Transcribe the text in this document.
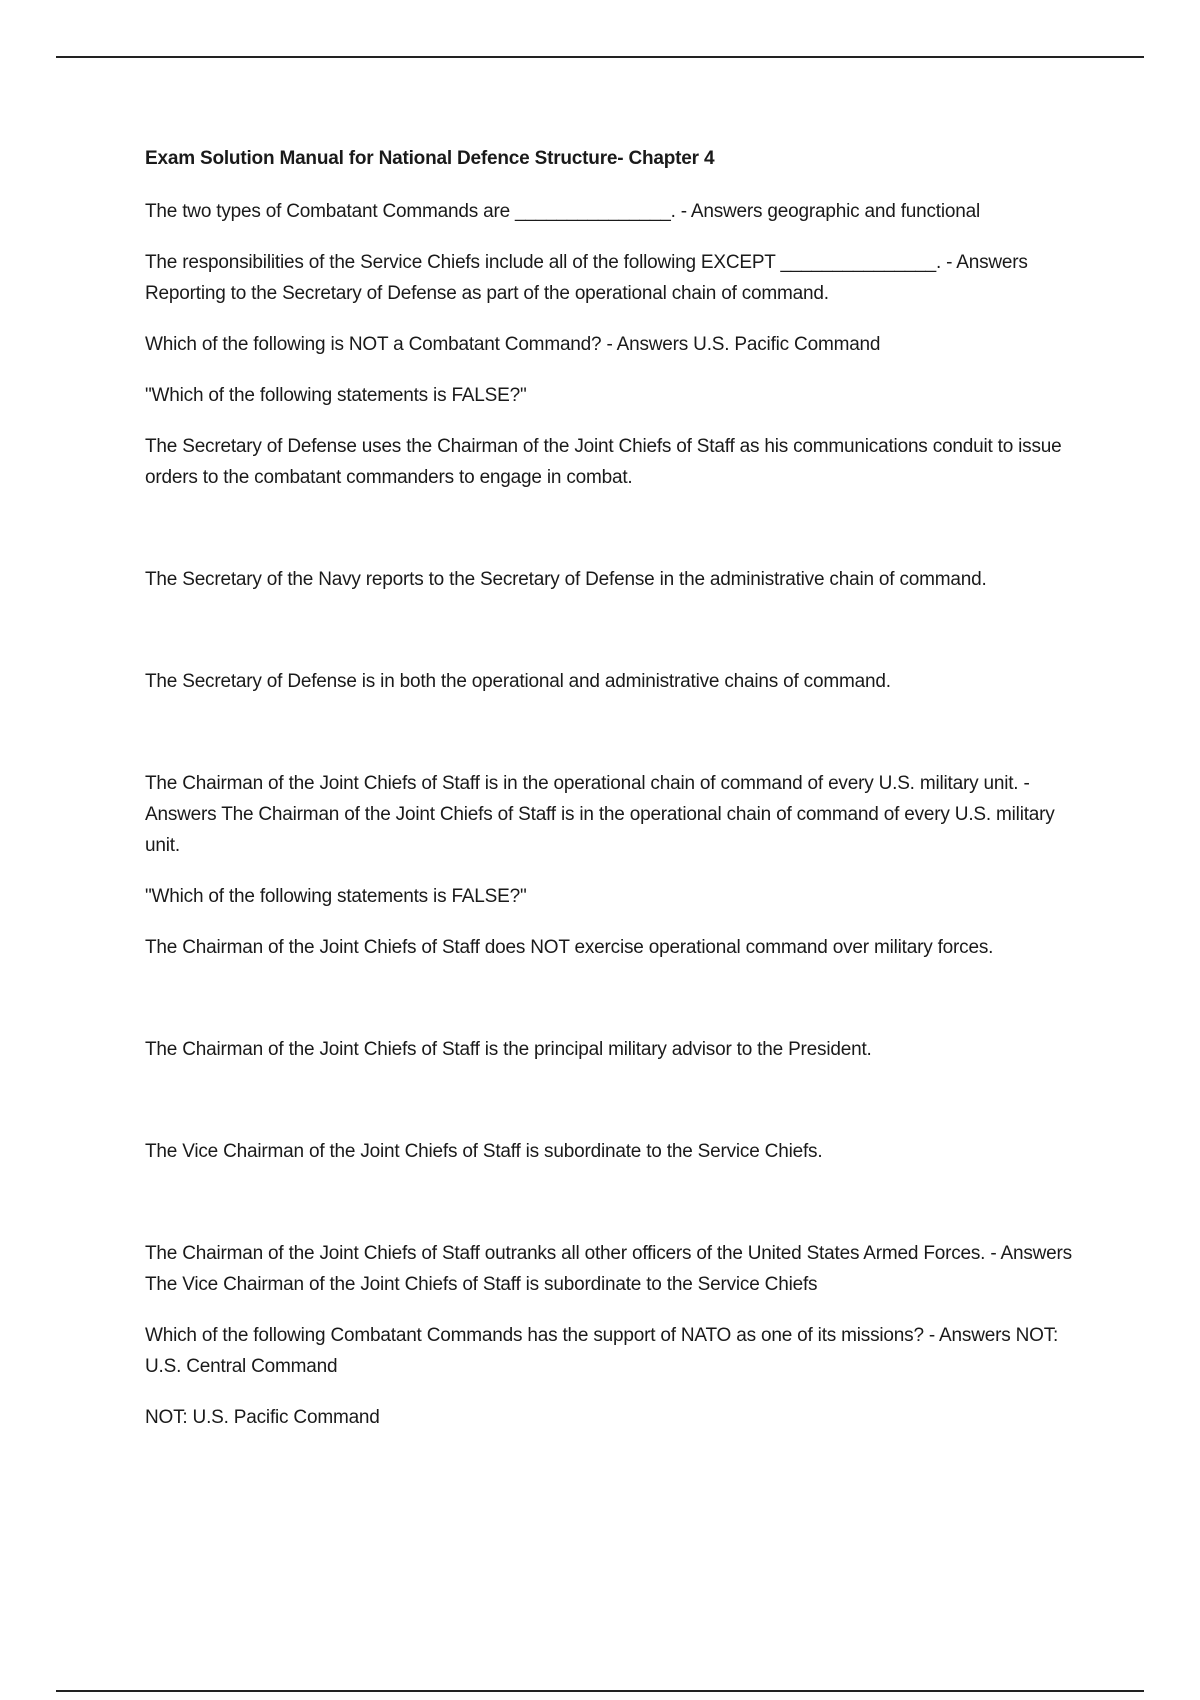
Exam Solution Manual for National Defence Structure- Chapter 4

The two types of Combatant Commands are _______________. - Answers geographic and functional

The responsibilities of the Service Chiefs include all of the following EXCEPT _______________. - Answers Reporting to the Secretary of Defense as part of the operational chain of command.

Which of the following is NOT a Combatant Command? - Answers U.S. Pacific Command

"Which of the following statements is FALSE?"

The Secretary of Defense uses the Chairman of the Joint Chiefs of Staff as his communications conduit to issue orders to the combatant commanders to engage in combat.

The Secretary of the Navy reports to the Secretary of Defense in the administrative chain of command.

The Secretary of Defense is in both the operational and administrative chains of command.

The Chairman of the Joint Chiefs of Staff is in the operational chain of command of every U.S. military unit. - Answers The Chairman of the Joint Chiefs of Staff is in the operational chain of command of every U.S. military unit.

"Which of the following statements is FALSE?"

The Chairman of the Joint Chiefs of Staff does NOT exercise operational command over military forces.

The Chairman of the Joint Chiefs of Staff is the principal military advisor to the President.

The Vice Chairman of the Joint Chiefs of Staff is subordinate to the Service Chiefs.

The Chairman of the Joint Chiefs of Staff outranks all other officers of the United States Armed Forces. - Answers The Vice Chairman of the Joint Chiefs of Staff is subordinate to the Service Chiefs

Which of the following Combatant Commands has the support of NATO as one of its missions? - Answers NOT: U.S. Central Command

NOT: U.S. Pacific Command
